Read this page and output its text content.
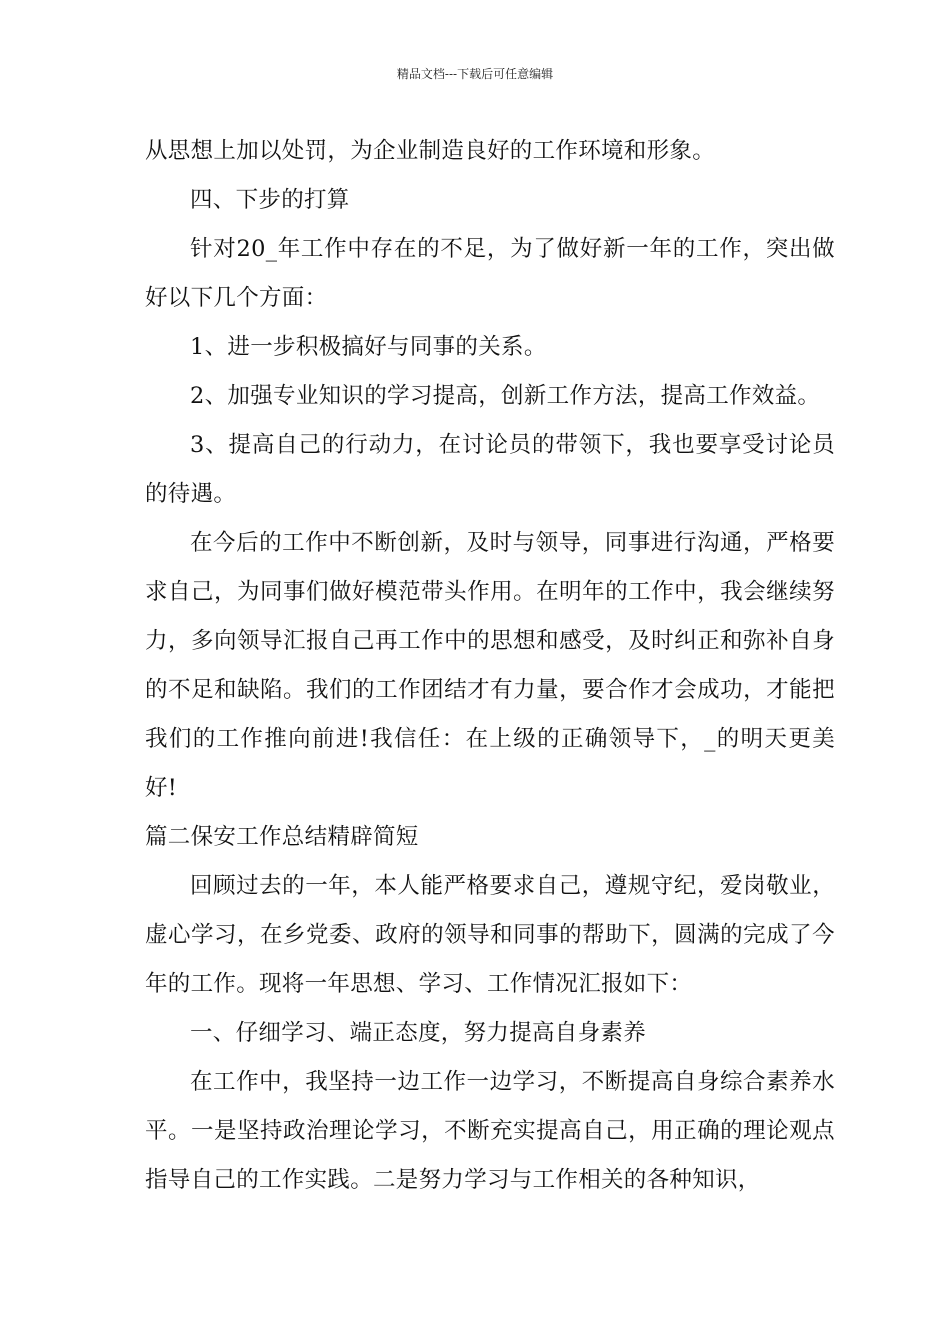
精品文档---下载后可任意编辑

从思想上加以处罚，为企业制造良好的工作环境和形象。

四、下步的打算

针对20_年工作中存在的不足，为了做好新一年的工作，突出做好以下几个方面：

1、进一步积极搞好与同事的关系。

2、加强专业知识的学习提高，创新工作方法，提高工作效益。

3、提高自己的行动力，在讨论员的带领下，我也要享受讨论员的待遇。

在今后的工作中不断创新，及时与领导，同事进行沟通，严格要求自己，为同事们做好模范带头作用。在明年的工作中，我会继续努力，多向领导汇报自己再工作中的思想和感受，及时纠正和弥补自身的不足和缺陷。我们的工作团结才有力量，要合作才会成功，才能把我们的工作推向前进!我信任：在上级的正确领导下，_的明天更美好!

篇二保安工作总结精辟简短

回顾过去的一年，本人能严格要求自己，遵规守纪，爱岗敬业，虚心学习，在乡党委、政府的领导和同事的帮助下，圆满的完成了今年的工作。现将一年思想、学习、工作情况汇报如下：

一、仔细学习、端正态度，努力提高自身素养

在工作中，我坚持一边工作一边学习，不断提高自身综合素养水平。一是坚持政治理论学习，不断充实提高自己，用正确的理论观点指导自己的工作实践。二是努力学习与工作相关的各种知识，
